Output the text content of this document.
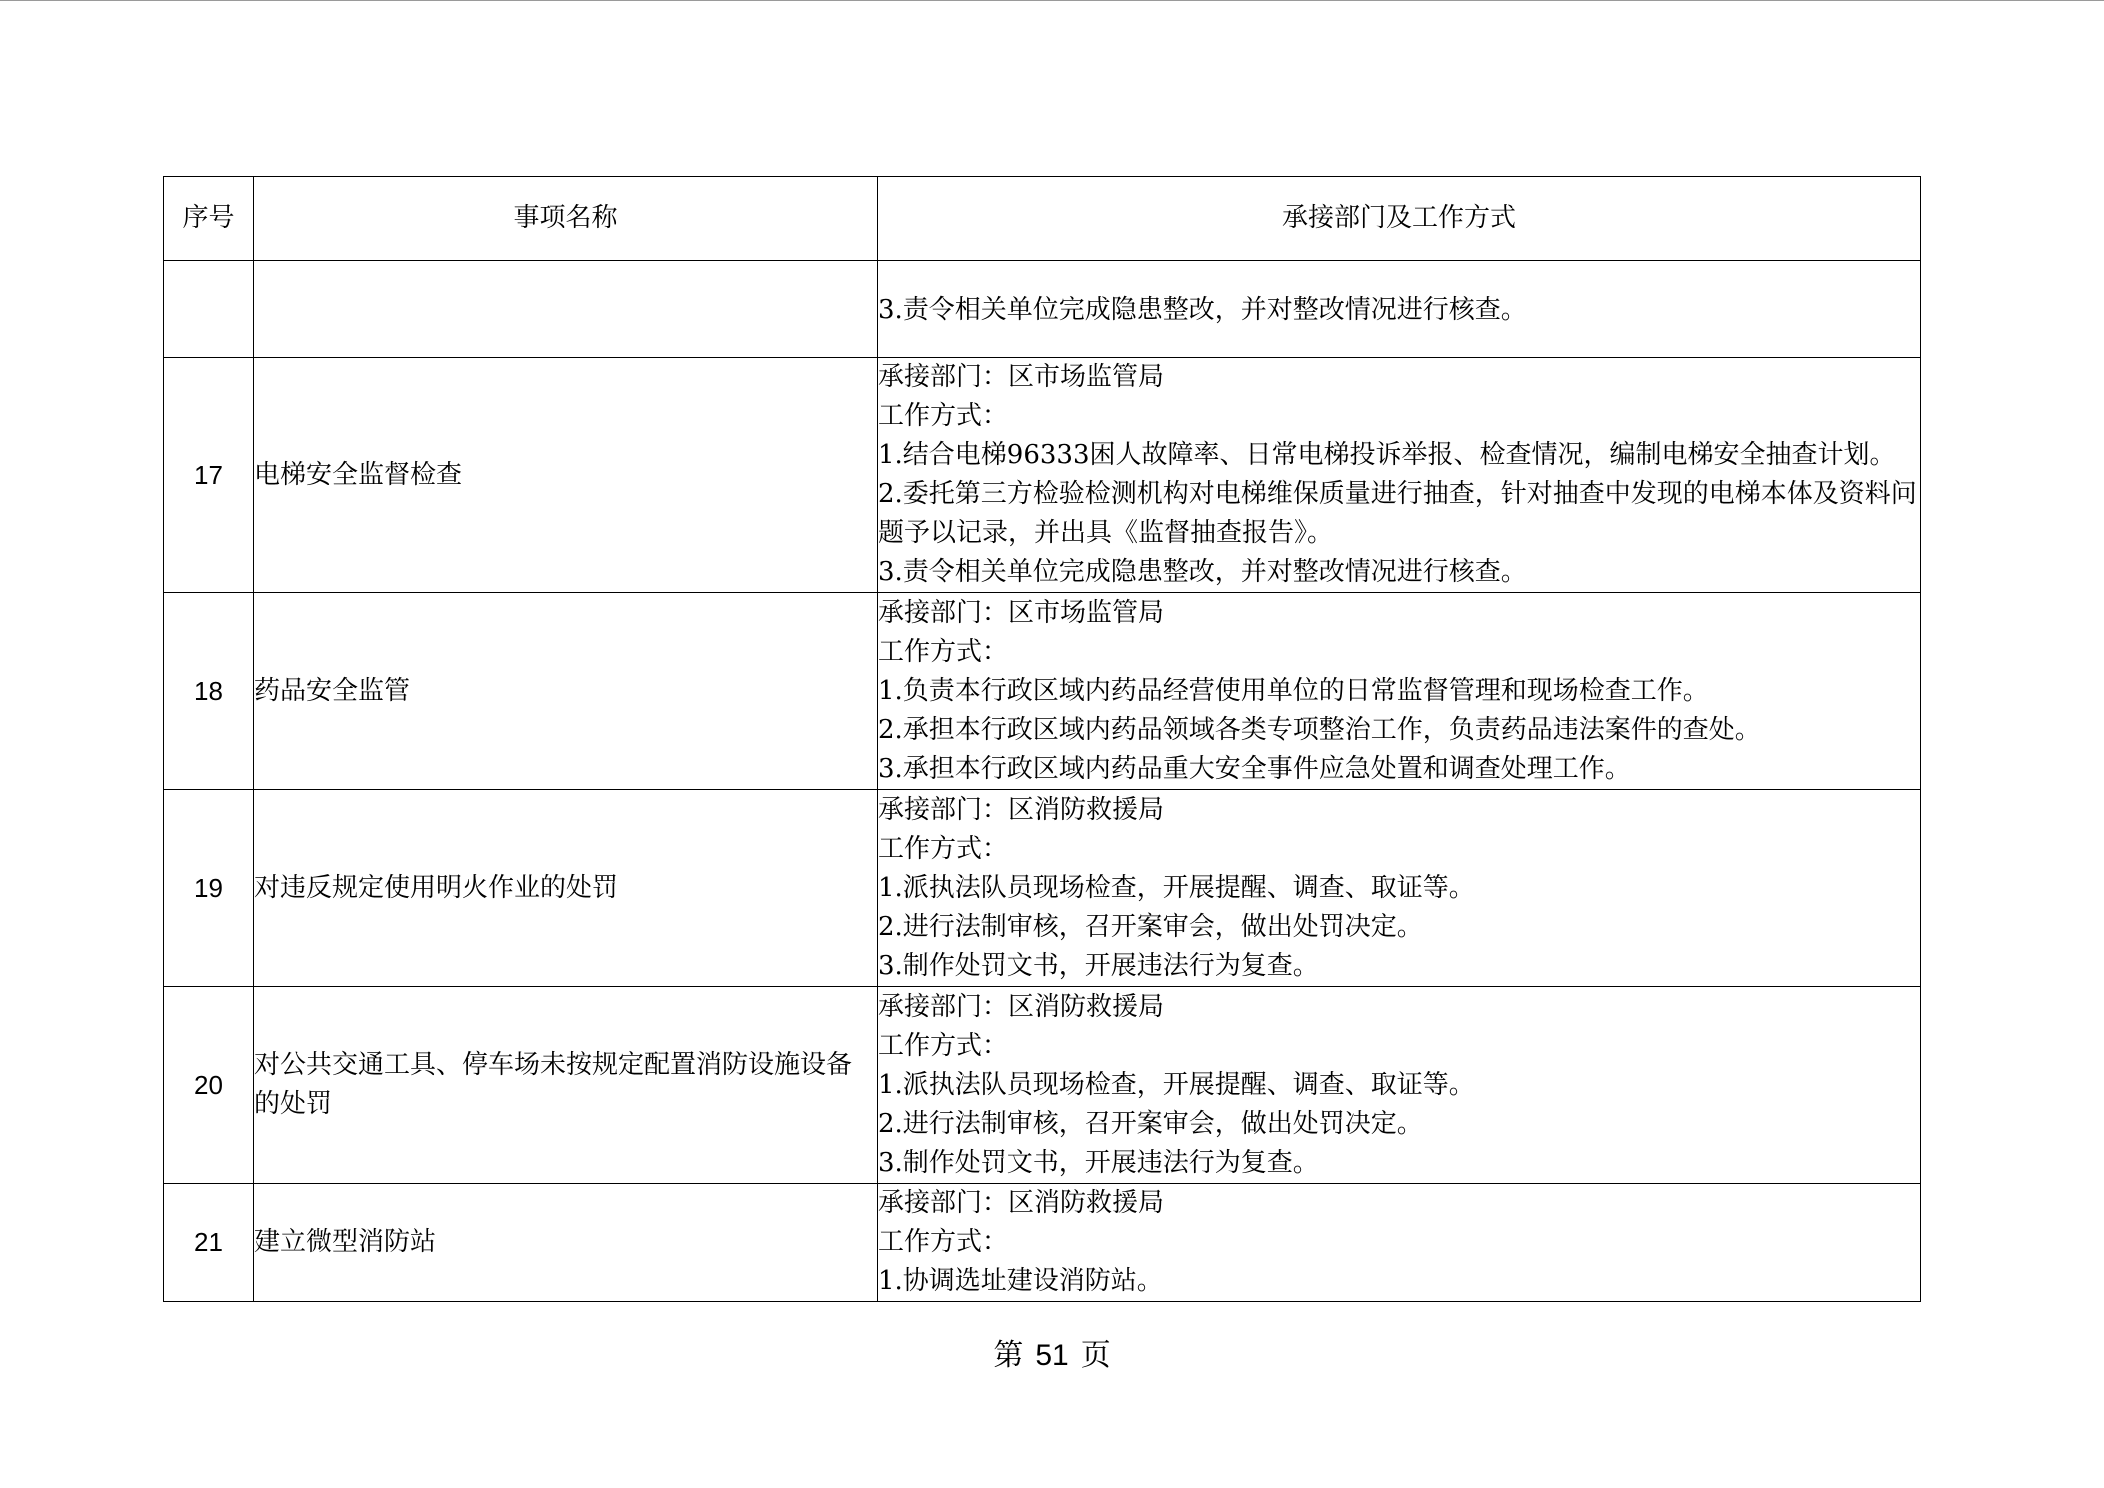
序号	事项名称	承接部门及工作方式

		3.责令相关单位完成隐患整改，并对整改情况进行核查。

17	电梯安全监督检查	承接部门：区市场监管局
工作方式：
1.结合电梯96333困人故障率、日常电梯投诉举报、检查情况，编制电梯安全抽查计划。
2.委托第三方检验检测机构对电梯维保质量进行抽查，针对抽查中发现的电梯本体及资料问题予以记录，并出具《监督抽查报告》。
3.责令相关单位完成隐患整改，并对整改情况进行核查。

18	药品安全监管	承接部门：区市场监管局
工作方式：
1.负责本行政区域内药品经营使用单位的日常监督管理和现场检查工作。
2.承担本行政区域内药品领域各类专项整治工作，负责药品违法案件的查处。
3.承担本行政区域内药品重大安全事件应急处置和调查处理工作。

19	对违反规定使用明火作业的处罚	承接部门：区消防救援局
工作方式：
1.派执法队员现场检查，开展提醒、调查、取证等。
2.进行法制审核，召开案审会，做出处罚决定。
3.制作处罚文书，开展违法行为复查。

20	对公共交通工具、停车场未按规定配置消防设施设备的处罚	承接部门：区消防救援局
工作方式：
1.派执法队员现场检查，开展提醒、调查、取证等。
2.进行法制审核，召开案审会，做出处罚决定。
3.制作处罚文书，开展违法行为复查。

21	建立微型消防站	承接部门：区消防救援局
工作方式：
1.协调选址建设消防站。
第 51 页
